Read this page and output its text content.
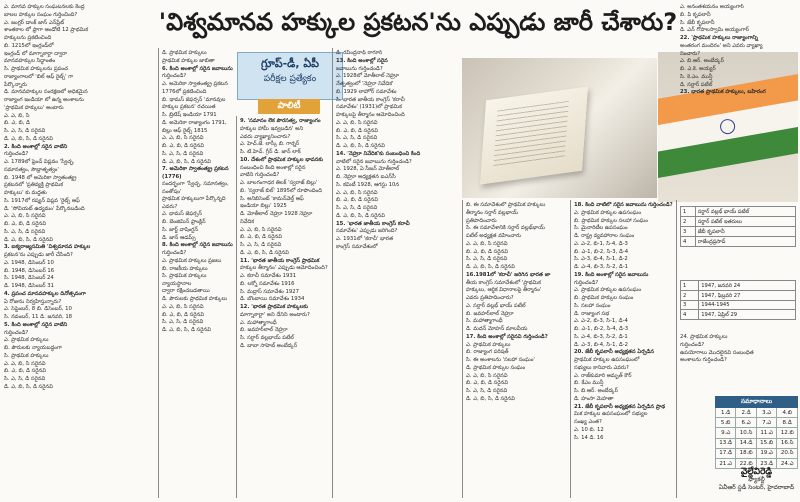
'విశ్వమానవ హక్కుల ప్రకటన'ను ఎప్పుడు జారీ చేశారు?
గ్రూప్-డీ, ఏపీ
పరీక్షల ప్రత్యేకం
పాలిటీ

ఎ. మానవ హక్కుల సంఘటనలకు కేంద్ర

బాలల హక్కుల సంఘం గుర్తించింది?

ఎ. జంగ్లర్ డాంక్ జాన్ ఎన్‌ఫ్రేట్

శాంతకాల లో ఫ్రాగా ఆండోటి 12 ప్రాథమిక

హక్కులను ప్రకటించింది

బి. 1215లో ఇంగ్లండ్‌లో

ఇంగ్లండ్ లో మాగ్నాకార్టా ద్వారా

మానవహక్కుల సిద్ధాంతం

సి. ప్రాథమిక హక్కులను ప్రపంచ

రాజ్యాంగాలలో 'బిల్ ఆఫ్ రైట్స్' గా

పేర్కొన్నారు

డి. మానవహక్కుల సంరక్షణలో అధికమైన

రాజ్యాంగ ఇండియా లో ఉన్న అంశాలను

'ప్రాథమిక హక్కులు' అంటారు

ఎ. ఎ, బి, సి

బి. ఎ, బి, డి

సి. ఎ, సి, డి సరైనవి

డి. ఎ, బి, సి, డి సరైనవి

2. కింది అంశాల్లో సరైన వాటిని

గుర్తించండి?

ఎ. 1789లో ఫ్రెంచ్ విప్లవం 'స్వేచ్ఛ,

సమానత్వం, సౌభ్రాతృత్వం'

బి. 1948 లో అమెరికా స్వాతంత్య్ర

ప్రకటనలో 'ప్రతివ్యక్తి ప్రాథమిక

హక్కులు' కు మద్దతు

సి. 1917లో రష్యన్ విప్లవ 'రైట్స్ ఆఫ్

డి. 'సోవియట్ ఉద్యమం' పేర్కొనబడింది

ఎ. ఎ, బి, సి సరైనవి

బి. ఎ, బి, డి సరైనవి

సి. ఎ, సి, డి సరైనవి

డి. ఎ, బి, సి, డి సరైనవి

3. ఐక్యరాజ్యసమితి 'విశ్వమానవ హక్కుల

ప్రకటన'ను ఎప్పుడు జారీ చేసింది?

ఎ. 1948, డిసెంబర్ 10

బి. 1948, డిసెంబర్ 16

సి. 1948, డిసెంబర్ 24

డి. 1948, డిసెంబర్ 31

4. ప్రపంచ మానవహక్కుల దినోత్సవంగా

ఏ రోజును నిర్వహిస్తున్నారు?

ఎ. సెప్టెంబర్, 8 బి. డిసెంబర్, 10

సి. నవంబర్, 11 డి. జనవరి, 18

5. కింది అంశాల్లో సరైన వాటిని

గుర్తించండి?

ఎ. ప్రాథమిక హక్కులు

బి. పౌరులకు న్యాయబద్ధంగా

సి. ప్రాథమిక హక్కులు

ఎ. ఎ, బి, సి సరైనవి

బి. ఎ, బి, డి సరైనవి

సి. ఎ, సి, డి సరైనవి

డి. ఎ, బి, సి, డి సరైనవి

డి. ప్రాథమిక హక్కులు

ప్రాథమిక హక్కుల జాబితా

6. కింది అంశాల్లో సరైన జవాబును

గుర్తించండి?

ఎ. అమెరికా స్వాతంత్య్ర ప్రకటన

1776లో ప్రకటించింది

బి. థామస్ జెఫర్సన్ 'మానవుల

హక్కుల ప్రకటన' రచయిత

సి. బ్రిటిష్ ఇండియా 1791

డి. అమెరికా రాజ్యాంగం 1791,

బిల్లు ఆఫ్ రైట్స్ 1815

ఎ. ఎ, బి, సి సరైనవి

బి. ఎ, బి, డి సరైనవి

సి. ఎ, సి, డి సరైనవి

డి. ఎ, బి, సి, డి సరైనవి

7. అమెరికా స్వాతంత్య్ర ప్రకటన (1776)

సందర్భంగా 'స్వేచ్ఛ, సమానత్వం, సంతోషం'

ప్రాథమిక హక్కులుగా పేర్కొన్నది ఎవరు?

ఎ. థామస్ జెఫర్సన్

బి. బెంజిమిన్ ఫ్రాంక్లిన్

సి. జార్జ్ వాషింగ్టన్

డి. జాన్ ఆడమ్స్

8. కింది అంశాల్లో సరైన జవాబును

గుర్తించండి?

ఎ. ప్రాథమిక హక్కులు ప్రజలు

బి. రాజకీయ హక్కులు

సి. ప్రాథమిక హక్కులు న్యాయస్థానాల

ద్వారా రక్షించబడతాయి

డి. పౌరులకు ప్రాథమిక హక్కులు

ఎ. ఎ, బి, సి సరైనవి

బి. ఎ, బి, డి సరైనవి

సి. ఎ, సి, డి సరైనవి

డి. ఎ, బి, సి, డి సరైనవి

9. 'సమానం లేక పౌరసత్వ, రాజ్యాంగం

హక్కుల హామీ ఇవ్వబడిన' అని

ఎవరు వ్యాఖ్యానించారు?

ఎ. హెచ్.జే. లాస్కీ బి. గార్నర్

సి. టి.హెచ్. గ్రీన్ డి. జాన్ లాక్

10. దేశంలో ప్రాథమిక హక్కుల భావనకు

సంబంధించి కింది అంశాల్లో సరైన

వాటిని గుర్తించండి?

ఎ. బాలగంగాధర తిలక్ 'స్వరాజ్ బిల్లు'

బి. 'స్వరాజ్ బిల్' 1895లో రూపొందింది

సి. అనిబిసెంట్ 'కామన్‌వెల్త్ ఆఫ్

ఇండియా బిల్లు' 1925

డి. మోతీలాల్ నెహ్రూ 1928 నెహ్రూ

నివేదిక

ఎ. ఎ, బి, సి సరైనవి

బి. ఎ, బి, డి సరైనవి

సి. ఎ, సి, డి సరైనవి

డి. ఎ, బి, సి, డి సరైనవి

11. 'భారత జాతీయ కాంగ్రెస్ ప్రాథమిక

హక్కుల తీర్మానం' ఎప్పుడు ఆమోదించింది?

ఎ. కరాచీ సమావేశం 1931

బి. లక్నో సమావేశం 1916

సి. మద్రాస్ సమావేశం 1927

డి. బొంబాయి సమావేశం 1934

12. 'భారత ప్రాథమిక హక్కులకు

మాగ్నాకార్టా' అని దేనిని అంటారు?

ఎ. మహాత్మాగాంధీ

బి. జవహర్‌లాల్ నెహ్రూ

సి. సర్దార్ వల్లభాయ్ పటేల్

డి. బాబా సాహెబ్ అంబేద్కర్

డి. రవీంద్రనాథ్ ఠాగూర్

13. కింది అంశాల్లో సరైన

జవాబును గుర్తించండి?

ఎ. 1928లో మోతీలాల్ నెహ్రూ

నేతృత్వంలో 'నెహ్రూ నివేదిక'

బి. 1929 లాహోర్ సమావేశం

సి. భారత జాతీయ కాంగ్రెస్ 'కరాచీ

సమావేశం' (1931)లో ప్రాథమిక

హక్కులపై తీర్మానం ఆమోదించింది

ఎ. ఎ, బి, సి సరైనవి

బి. ఎ, బి, డి సరైనవి

సి. ఎ, సి, డి సరైనవి

డి. ఎ, బి, సి, డి సరైనవి

14. 'నెహ్రూ నివేదిక'కు సంబంధించి కింది

వాటిలో సరైన జవాబును గుర్తించండి?

ఎ. 1928, ఏ సీజన్ మోతీలాల్

బి. నెహ్రూ అధ్యక్షతన ఐఎన్‌సీ

సి. కమిటీ 1928, ఆగస్టు 10న

ఎ. ఎ, బి, సి సరైనవి

బి. ఎ, బి, డి సరైనవి

సి. ఎ, సి, డి సరైనవి

డి. ఎ, బి, సి, డి సరైనవి

15. 'భారత జాతీయ కాంగ్రెస్ కరాచీ

సమావేశం' ఎప్పుడు జరిగింది?

ఎ. 1931లో 'కరాచీ' భారత

కాంగ్రెస్ సమావేశంలో

బి. ఈ సమావేశంలో ప్రాథమిక హక్కులు

తీర్మానం సర్దార్ వల్లభాయ్

ప్రతిపాదించారు

సి. ఈ సమావేశానికి సర్దార్ వల్లభ్‌భాయ్

పటేల్ అధ్యక్షత వహించారు

ఎ. ఎ, బి, సి సరైనవి

బి. ఎ, బి, డి సరైనవి

సి. ఎ, సి, డి సరైనవి

డి. ఎ, బి, సి, డి సరైనవి

16.1981లో 'కరాచీ' జరిగిన భారత జా

తీయ కాంగ్రెస్ సమావేశంలో 'ప్రాథమిక

హక్కులు, ఆర్థిక విధానాలపై తీర్మానం'

ఎవరు ప్రతిపాదించారు?

ఎ. సర్దార్ వల్లభ్ భాయ్ పటేల్

బి. జవహర్‌లాల్ నెహ్రూ

సి. మహాత్మాగాంధీ

డి. మదన్ మోహన్ మాలవీయ

17. కింది అంశాల్లో సరైనవి గుర్తించండి?

ఎ. ప్రాథమిక హక్కులు

బి. రాజ్యాంగ పరిషత్

సి. ఈ అంశాలను 'సలహా సంఘం'

డి. ప్రాథమిక హక్కుల సంఘం

ఎ. ఎ, బి, సి సరైనవి

బి. ఎ, బి, డి సరైనవి

సి. ఎ, సి, డి సరైనవి

డి. ఎ, బి, సి, డి సరైనవి

18. కింది వాటిలో సరైన జవాబును గుర్తించండి?

ఎ. ప్రాథమిక హక్కుల ఉపసంఘం

బి. ప్రాథమిక హక్కుల సలహా సంఘం

సి. మైనారిటీల ఉపసంఘం

డి. రాష్ట్ర వ్యవహారాల సంఘం

ఎ. ఎ-2, బి-1, సి-4, డి-3

బి. ఎ-1, బి-2, సి-3, డి-4

సి. ఎ-3, బి-4, సి-1, డి-2

డి. ఎ-4, బి-3, సి-2, డి-1

19. కింది అంశాల్లో సరైన జవాబును

గుర్తించండి?

ఎ. ప్రాథమిక హక్కుల ఉపసంఘం

బి. ప్రాథమిక హక్కుల సంఘం

సి. సలహా సంఘం

డి. రాజ్యాంగ సభ

ఎ. ఎ-2, బి-3, సి-1, డి-4

బి. ఎ-1, బి-2, సి-4, డి-3

సి. ఎ-4, బి-3, సి-2, డి-1

డి. ఎ-3, బి-4, సి-1, డి-2

20. జేబీ కృపలానీ అధ్యక్షతన ఏర్పడిన

ప్రాథమిక హక్కుల ఉపసంఘంలో

సభ్యులు కానివారు ఎవరు?

ఎ. రాజ్‌కుమారి అమృత్ కౌర్

బి. కేఎం మున్షీ

సి. బి.ఆర్. అంబేద్కర్

డి. హంసా మెహతా

21. జేబీ కృపలానీ అధ్యక్షతన ఏర్పడిన ప్రాథ

మిక హక్కుల ఉపసంఘంలో సభ్యుల

సంఖ్య ఎంత?

ఎ. 10 బి. 12

సి. 14 డి. 16

ఎ. అనంతశయనం అయ్యంగార్

బి. పి కృపలానీ

సి. జేబీ కృపలానీ

డి. ఎన్ గోపాలస్వామి అయ్యంగార్

22. 'ప్రాథమిక హక్కులు రాజ్యాంగాన్ని

అంతరంగ మందిరం' అని ఎవరు వ్యాఖ్యా

నించారు?

ఎ. బి.ఆర్. అంబేద్కర్

బి. ఎ.కె. అయ్యర్

సి. కె.ఎం. మున్షీ

డి. సర్దార్ పటేల్

23. భారత ప్రాథమిక హక్కులు, బహిరంగ

1	సర్దార్ వల్లభ్ భాయ్ పటేల్
2	సర్దార్ పటేల్ ఇతరులు
3	జేబీ కృపలానీ
4	రాజేంద్రప్రసాద్
1	1947, జనవరి 24
2	1947, ఫిబ్రవరి 27
3	1944-1945
4	1947, ఏప్రిల్ 29

24. ప్రాథమిక హక్కులు

గుర్తించండి?

ఉపయోగాలు మొదలైనవి సంబంధిత

అంశాలను గుర్తించండి?

సమాధానాలు			
1.డి	2.డి	3.ఎ	4.బి
5.బి	6.ఎ	7.ఎ	8.డి
9.ఎ	10.సి	11.ఎ	12.బి
13.డి	14.డి	15.బి	16.సి
17.డి	18.బి	19.ఎ	20.సి
21.ఎ	22.బి	23.డి	24.ఎ
వైల్దేవిరెడ్డి
ఫ్యాకల్టీ
ఏవీఆర్ స్టడీ సెంటర్, హైదరాబాద్
